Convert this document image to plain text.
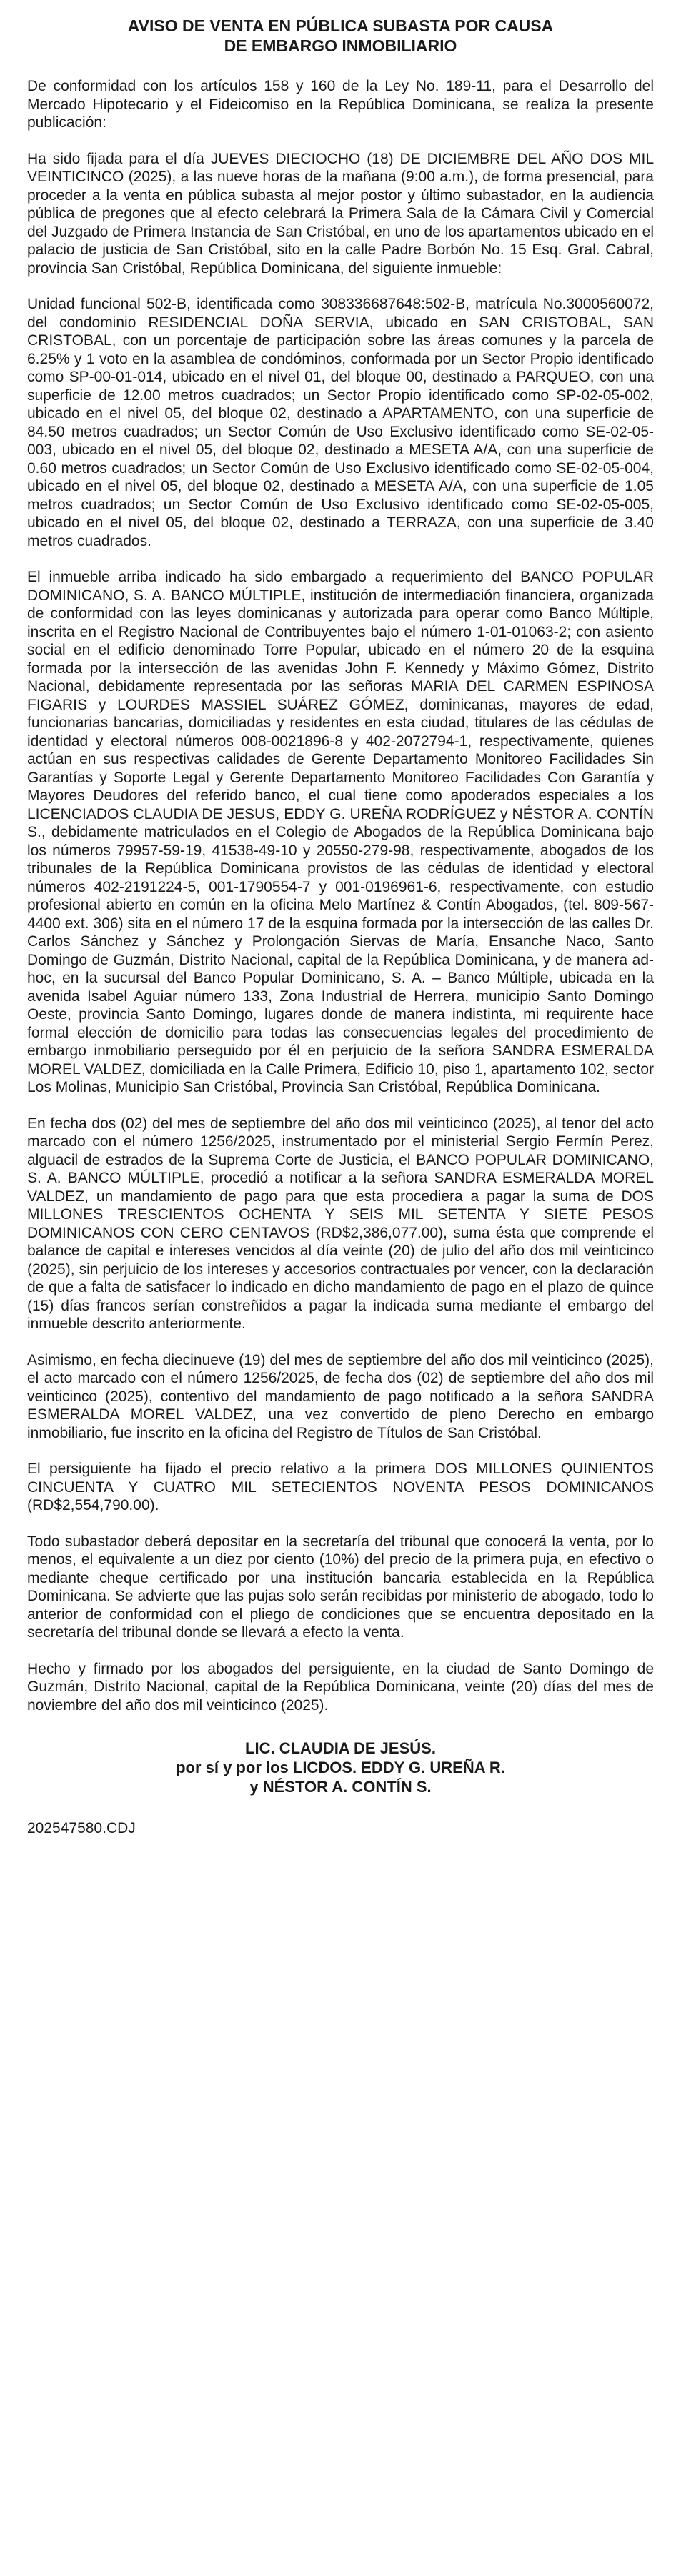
AVISO DE VENTA EN PÚBLICA SUBASTA POR CAUSA
DE EMBARGO INMOBILIARIO

De conformidad con los artículos 158 y 160 de la Ley No. 189-11, para el Desarrollo del Mercado Hipotecario y el Fideicomiso en la República Dominicana, se realiza la presente publicación:

Ha sido fijada para el día JUEVES DIECIOCHO (18) DE DICIEMBRE DEL AÑO DOS MIL VEINTICINCO (2025), a las nueve horas de la mañana (9:00 a.m.), de forma presencial, para proceder a la venta en pública subasta al mejor postor y último subastador, en la audiencia pública de pregones que al efecto celebrará la Primera Sala de la Cámara Civil y Comercial del Juzgado de Primera Instancia de San Cristóbal, en uno de los apartamentos ubicado en el palacio de justicia de San Cristóbal, sito en la calle Padre Borbón No. 15 Esq. Gral. Cabral, provincia San Cristóbal, República Dominicana, del siguiente inmueble:

Unidad funcional 502-B, identificada como 308336687648:502-B, matrícula No.3000560072, del condominio RESIDENCIAL DOÑA SERVIA, ubicado en SAN CRISTOBAL, SAN CRISTOBAL, con un porcentaje de participación sobre las áreas comunes y la parcela de 6.25% y 1 voto en la asamblea de condóminos, conformada por un Sector Propio identificado como SP-00-01-014, ubicado en el nivel 01, del bloque 00, destinado a PARQUEO, con una superficie de 12.00 metros cuadrados; un Sector Propio identificado como SP-02-05-002, ubicado en el nivel 05, del bloque 02, destinado a APARTAMENTO, con una superficie de 84.50 metros cuadrados; un Sector Común de Uso Exclusivo identificado como SE-02-05-003, ubicado en el nivel 05, del bloque 02, destinado a MESETA A/A, con una superficie de 0.60 metros cuadrados; un Sector Común de Uso Exclusivo identificado como SE-02-05-004, ubicado en el nivel 05, del bloque 02, destinado a MESETA A/A, con una superficie de 1.05 metros cuadrados; un Sector Común de Uso Exclusivo identificado como SE-02-05-005, ubicado en el nivel 05, del bloque 02, destinado a TERRAZA, con una superficie de 3.40 metros cuadrados.

El inmueble arriba indicado ha sido embargado a requerimiento del BANCO POPULAR DOMINICANO, S. A. BANCO MÚLTIPLE, institución de intermediación financiera, organizada de conformidad con las leyes dominicanas y autorizada para operar como Banco Múltiple, inscrita en el Registro Nacional de Contribuyentes bajo el número 1-01-01063-2; con asiento social en el edificio denominado Torre Popular, ubicado en el número 20 de la esquina formada por la intersección de las avenidas John F. Kennedy y Máximo Gómez, Distrito Nacional, debidamente representada por las señoras MARIA DEL CARMEN ESPINOSA FIGARIS y LOURDES MASSIEL SUÁREZ GÓMEZ, dominicanas, mayores de edad, funcionarias bancarias, domiciliadas y residentes en esta ciudad, titulares de las cédulas de identidad y electoral números 008-0021896-8 y 402-2072794-1, respectivamente, quienes actúan en sus respectivas calidades de Gerente Departamento Monitoreo Facilidades Sin Garantías y Soporte Legal y Gerente Departamento Monitoreo Facilidades Con Garantía y Mayores Deudores del referido banco, el cual tiene como apoderados especiales a los LICENCIADOS CLAUDIA DE JESUS, EDDY G. UREÑA RODRÍGUEZ y NÉSTOR A. CONTÍN S., debidamente matriculados en el Colegio de Abogados de la República Dominicana bajo los números 79957-59-19, 41538-49-10 y 20550-279-98, respectivamente, abogados de los tribunales de la República Dominicana provistos de las cédulas de identidad y electoral números 402-2191224-5, 001-1790554-7 y 001-0196961-6, respectivamente, con estudio profesional abierto en común en la oficina Melo Martínez & Contín Abogados, (tel. 809-567-4400 ext. 306) sita en el número 17 de la esquina formada por la intersección de las calles Dr. Carlos Sánchez y Sánchez y Prolongación Siervas de María, Ensanche Naco, Santo Domingo de Guzmán, Distrito Nacional, capital de la República Dominicana, y de manera ad-hoc, en la sucursal del Banco Popular Dominicano, S. A. – Banco Múltiple, ubicada en la avenida Isabel Aguiar número 133, Zona Industrial de Herrera, municipio Santo Domingo Oeste, provincia Santo Domingo, lugares donde de manera indistinta, mi requirente hace formal elección de domicilio para todas las consecuencias legales del procedimiento de embargo inmobiliario perseguido por él en perjuicio de la señora SANDRA ESMERALDA MOREL VALDEZ, domiciliada en la Calle Primera, Edificio 10, piso 1, apartamento 102, sector Los Molinas, Municipio San Cristóbal, Provincia San Cristóbal, República Dominicana.

En fecha dos (02) del mes de septiembre del año dos mil veinticinco (2025), al tenor del acto marcado con el número 1256/2025, instrumentado por el ministerial Sergio Fermín Perez, alguacil de estrados de la Suprema Corte de Justicia, el BANCO POPULAR DOMINICANO, S. A. BANCO MÚLTIPLE, procedió a notificar a la señora SANDRA ESMERALDA MOREL VALDEZ, un mandamiento de pago para que esta procediera a pagar la suma de DOS MILLONES TRESCIENTOS OCHENTA Y SEIS MIL SETENTA Y SIETE PESOS DOMINICANOS CON CERO CENTAVOS (RD$2,386,077.00), suma ésta que comprende el balance de capital e intereses vencidos al día veinte (20) de julio del año dos mil veinticinco (2025), sin perjuicio de los intereses y accesorios contractuales por vencer, con la declaración de que a falta de satisfacer lo indicado en dicho mandamiento de pago en el plazo de quince (15) días francos serían constreñidos a pagar la indicada suma mediante el embargo del inmueble descrito anteriormente.

Asimismo, en fecha diecinueve (19) del mes de septiembre del año dos mil veinticinco (2025), el acto marcado con el número 1256/2025, de fecha dos (02) de septiembre del año dos mil veinticinco (2025), contentivo del mandamiento de pago notificado a la señora SANDRA ESMERALDA MOREL VALDEZ, una vez convertido de pleno Derecho en embargo inmobiliario, fue inscrito en la oficina del Registro de Títulos de San Cristóbal.

El persiguiente ha fijado el precio relativo a la primera DOS MILLONES QUINIENTOS CINCUENTA Y CUATRO MIL SETECIENTOS NOVENTA PESOS DOMINICANOS (RD$2,554,790.00).

Todo subastador deberá depositar en la secretaría del tribunal que conocerá la venta, por lo menos, el equivalente a un diez por ciento (10%) del precio de la primera puja, en efectivo o mediante cheque certificado por una institución bancaria establecida en la República Dominicana. Se advierte que las pujas solo serán recibidas por ministerio de abogado, todo lo anterior de conformidad con el pliego de condiciones que se encuentra depositado en la secretaría del tribunal donde se llevará a efecto la venta.

Hecho y firmado por los abogados del persiguiente, en la ciudad de Santo Domingo de Guzmán, Distrito Nacional, capital de la República Dominicana, veinte (20) días del mes de noviembre del año dos mil veinticinco (2025).

LIC. CLAUDIA DE JESÚS.
por sí y por los LICDOS. EDDY G. UREÑA R.
y NÉSTOR A. CONTÍN S.
202547580.CDJ
